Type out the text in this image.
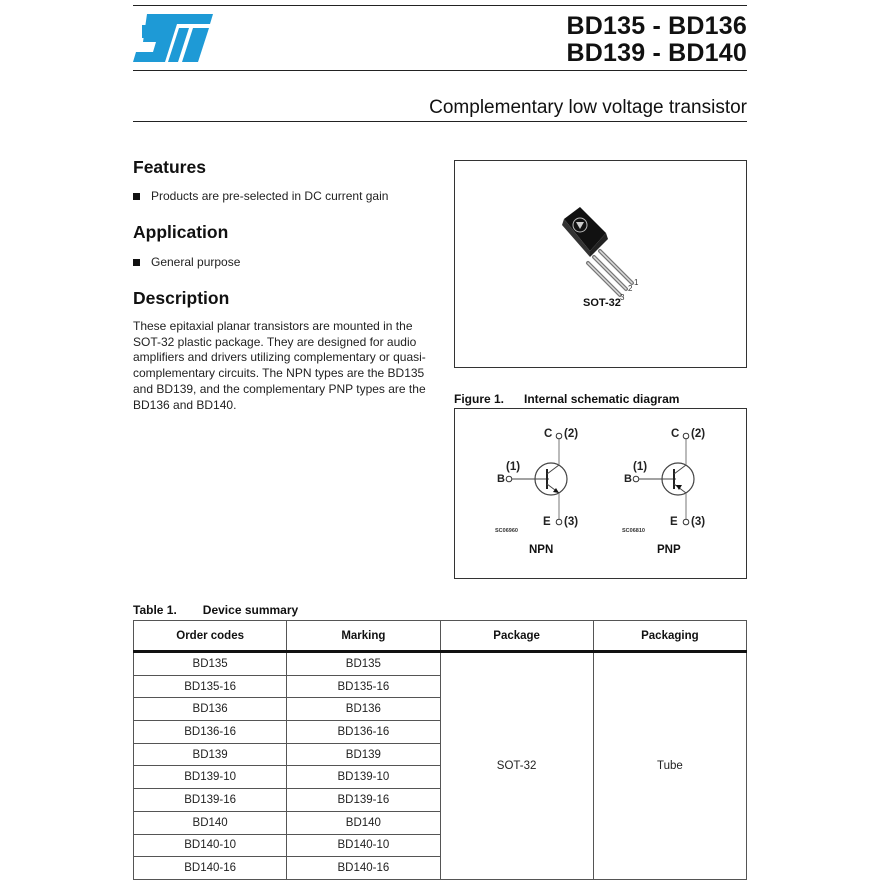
BD135 - BD136
BD139 - BD140
Complementary low voltage transistor
Features
Products are pre-selected in DC current gain
Application
General purpose
Description
These epitaxial planar transistors are mounted in the SOT-32 plastic package. They are designed for audio amplifiers and drivers utilizing complementary or quasi-complementary circuits. The NPN types are the BD135 and BD139, and the complementary PNP types are the BD136 and BD140.
1
2
3
SOT-32
Figure 1. Internal schematic diagram
C (2)
(1)
B
E (3)
SC06960
NPN
C (2)
(1)
B
E (3)
SC06810
PNP
Table 1. Device summary
Order codes	Marking	Package	Packaging
BD135	BD135	SOT-32	Tube
BD135-16	BD135-16		
BD136	BD136		
BD136-16	BD136-16		
BD139	BD139		
BD139-10	BD139-10		
BD139-16	BD139-16		
BD140	BD140		
BD140-10	BD140-10		
BD140-16	BD140-16		
